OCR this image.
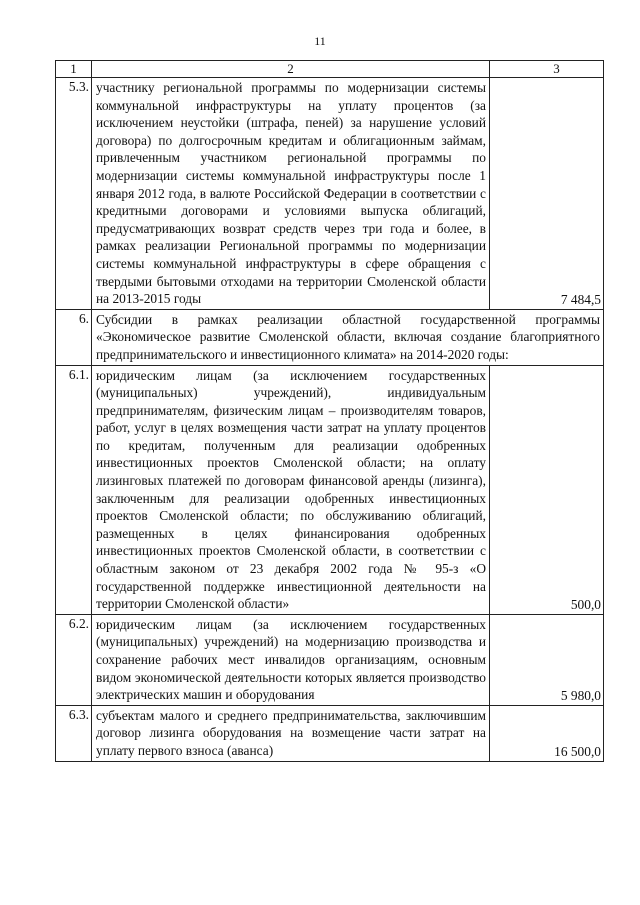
11
1	2	3
5.3.	участнику региональной программы по модернизации системы коммунальной инфраструктуры на уплату процентов (за исключением неустойки (штрафа, пеней) за нарушение условий договора) по долгосрочным кредитам и облигационным займам, привлеченным участником региональной программы по модернизации системы коммунальной инфраструктуры после 1 января 2012 года, в валюте Российской Федерации в соответствии с кредитными договорами и условиями выпуска облигаций, предусматривающих возврат средств через три года и более, в рамках реализации Региональной программы по модернизации системы коммунальной инфраструктуры в сфере обращения с твердыми бытовыми отходами на территории Смоленской области на 2013-2015 годы	7 484,5
6.	Субсидии в рамках реализации областной государственной программы «Экономическое развитие Смоленской области, включая создание благоприятного предпринимательского и инвестиционного климата» на 2014-2020 годы:	
6.1.	юридическим лицам (за исключением государственных (муниципальных) учреждений), индивидуальным предпринимателям, физическим лицам – производителям товаров, работ, услуг в целях возмещения части затрат на уплату процентов по кредитам, полученным для реализации одобренных инвестиционных проектов Смоленской области; на оплату лизинговых платежей по договорам финансовой аренды (лизинга), заключенным для реализации одобренных инвестиционных проектов Смоленской области; по обслуживанию облигаций, размещенных в целях финансирования одобренных инвестиционных проектов Смоленской области, в соответствии с областным законом от 23 декабря 2002 года № 95-з «О государственной поддержке инвестиционной деятельности на территории Смоленской области»	500,0
6.2.	юридическим лицам (за исключением государственных (муниципальных) учреждений) на модернизацию производства и сохранение рабочих мест инвалидов организациям, основным видом экономической деятельности которых является производство электрических машин и оборудования	5 980,0
6.3.	субъектам малого и среднего предпринимательства, заключившим договор лизинга оборудования на возмещение части затрат на уплату первого взноса (аванса)	16 500,0
